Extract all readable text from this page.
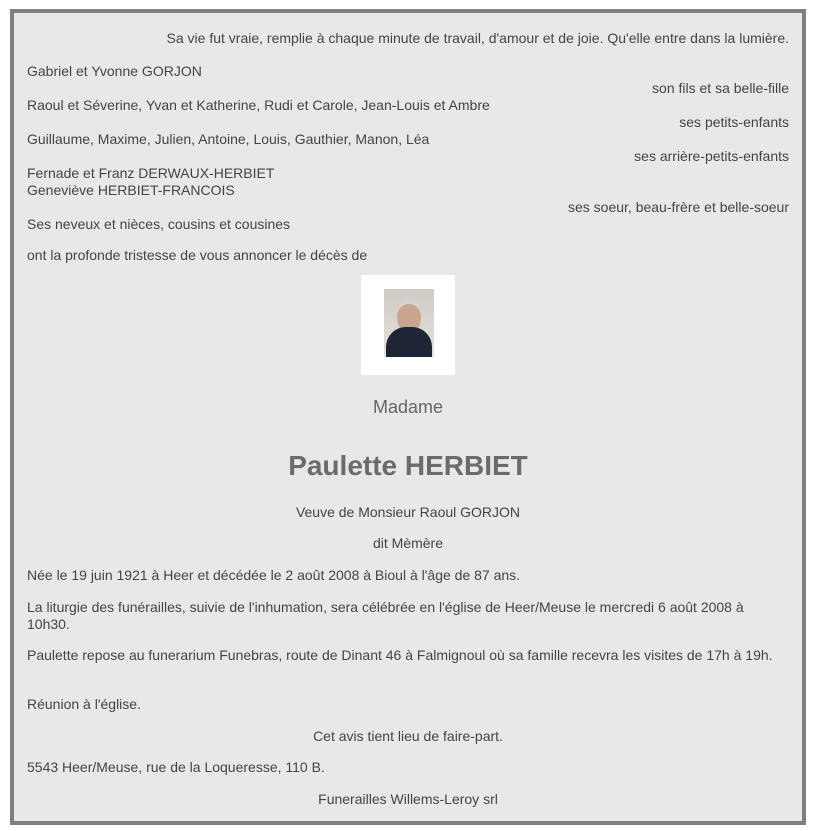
Sa vie fut vraie, remplie à chaque minute de travail, d'amour et de joie. Qu'elle entre dans la lumière.
Gabriel et Yvonne GORJON
son fils et sa belle-fille
Raoul et Séverine, Yvan et Katherine, Rudi et Carole, Jean-Louis et Ambre
ses petits-enfants
Guillaume, Maxime, Julien, Antoine, Louis, Gauthier, Manon, Léa
ses arrière-petits-enfants
Fernade et Franz DERWAUX-HERBIET
Geneviève HERBIET-FRANCOIS
ses soeur, beau-frère et belle-soeur
Ses neveux et nièces, cousins et cousines
ont la profonde tristesse de vous annoncer le décès de
Madame
Paulette HERBIET
Veuve de Monsieur Raoul GORJON
dit Mèmère
Née le 19 juin 1921 à Heer et décédée le 2 août 2008 à Bioul à l'âge de 87 ans.
La liturgie des funérailles, suivie de l'inhumation, sera célébrée en l'église de Heer/Meuse le mercredi 6 août 2008 à 10h30.
Paulette repose au funerarium Funebras, route de Dinant 46 à Falmignoul où sa famille recevra les visites de 17h à 19h.
Réunion à l'église.
Cet avis tient lieu de faire-part.
5543 Heer/Meuse, rue de la Loqueresse, 110 B.
Funerailles Willems-Leroy srl
